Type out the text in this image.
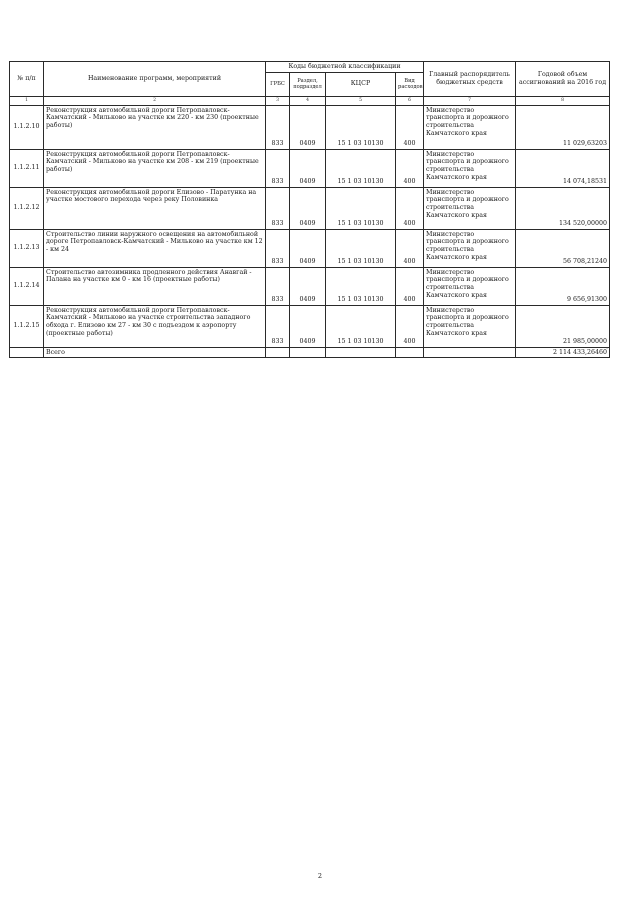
№ п/п	Наименование программ, мероприятий	Коды бюджетной классификации				Главный распорядитель бюджетных средств	Годовой объем ассигнований на 2016 год
		ГРБС	Раздел, подраздел	КЦСР	Вид расходов		
1	2	3	4	5	6	7	8
1.1.2.10	Реконструкция автомобильной дороги Петропавловск-Камчатский - Мильково на участке км 220 - км 230 (проектные работы)	833	0409	15 1 03 10130	400	Министерство транспорта и дорожного строительства Камчатского края	11 029,63203
1.1.2.11	Реконструкция автомобильной дороги Петропавловск-Камчатский - Мильково на участке км 208 - км 219 (проектные работы)	833	0409	15 1 03 10130	400	Министерство транспорта и дорожного строительства Камчатского края	14 074,18531
1.1.2.12	Реконструкция автомобильной дороги Елизово - Паратунка на участке мостового перехода через реку Половинка	833	0409	15 1 03 10130	400	Министерство транспорта и дорожного строительства Камчатского края	134 520,00000
1.1.2.13	Строительство линии наружного освещения на автомобильной дороге Петропавловск-Камчатский - Мильково на участке км 12 - км 24	833	0409	15 1 03 10130	400	Министерство транспорта и дорожного строительства Камчатского края	56 708,21240
1.1.2.14	Строительство автозимника продленного действия Анавгай - Палана на участке км 0 - км 16 (проектные работы)	833	0409	15 1 03 10130	400	Министерство транспорта и дорожного строительства Камчатского края	9 656,91300
1.1.2.15	Реконструкция автомобильной дороги Петропавловск-Камчатский - Мильково на участке строительства западного обхода г. Елизово км 27 - км 30 с подъездом к аэропорту (проектные работы)	833	0409	15 1 03 10130	400	Министерство транспорта и дорожного строительства Камчатского края	21 985,00000
	Всего						2 114 433,26460
».
2
